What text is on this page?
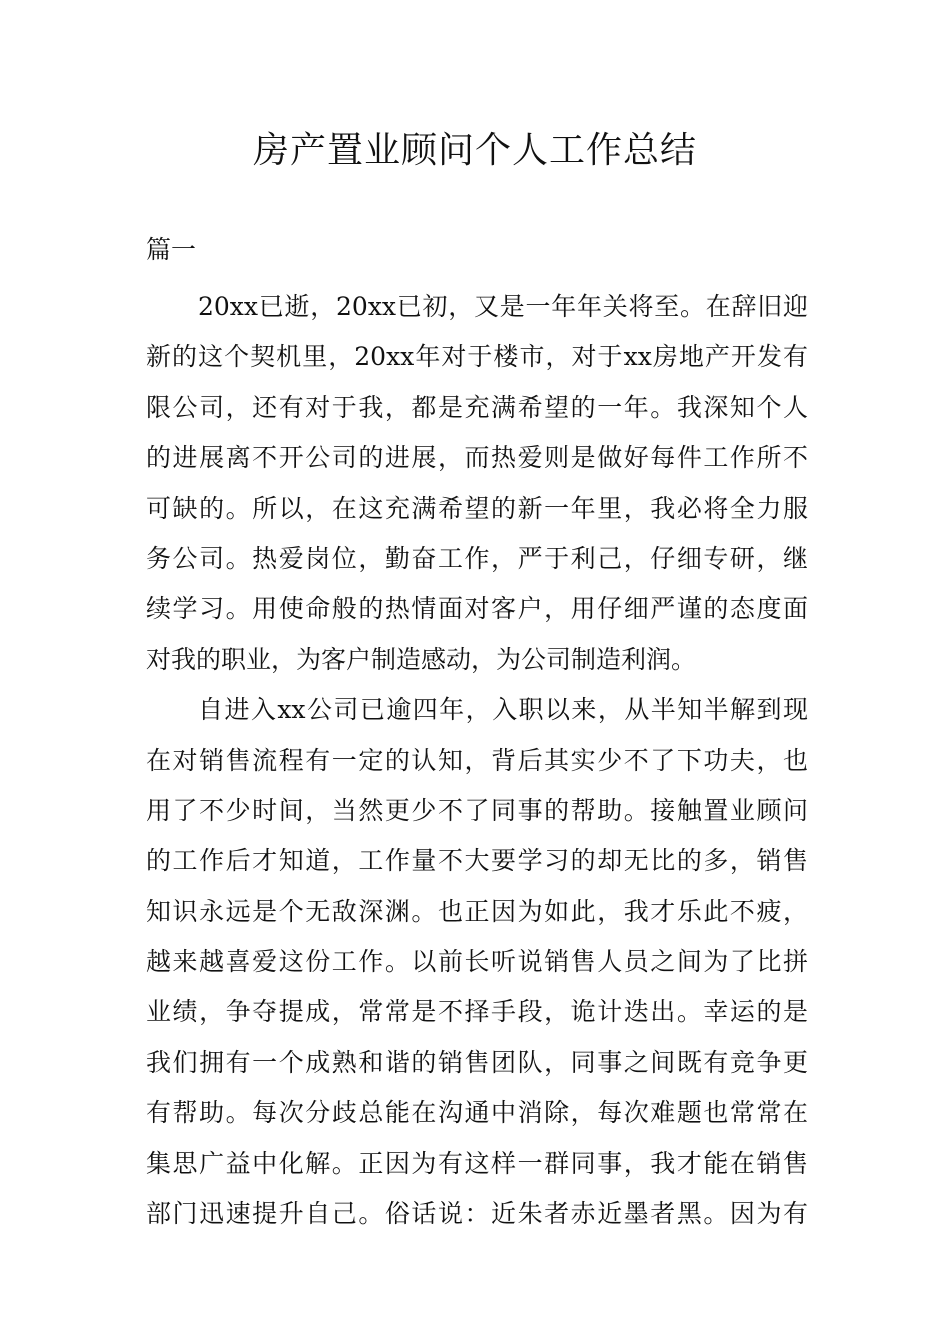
房产置业顾问个人工作总结

篇一

20xx已逝，20xx已初，又是一年年关将至。在辞旧迎
新的这个契机里，20xx年对于楼市，对于xx房地产开发有
限公司，还有对于我，都是充满希望的一年。我深知个人
的进展离不开公司的进展，而热爱则是做好每件工作所不
可缺的。所以，在这充满希望的新一年里，我必将全力服
务公司。热爱岗位，勤奋工作，严于利己，仔细专研，继
续学习。用使命般的热情面对客户，用仔细严谨的态度面
对我的职业，为客户制造感动，为公司制造利润。
自进入xx公司已逾四年，入职以来，从半知半解到现
在对销售流程有一定的认知，背后其实少不了下功夫，也
用了不少时间，当然更少不了同事的帮助。接触置业顾问
的工作后才知道，工作量不大要学习的却无比的多，销售
知识永远是个无敌深渊。也正因为如此，我才乐此不疲，
越来越喜爱这份工作。以前长听说销售人员之间为了比拼
业绩，争夺提成，常常是不择手段，诡计迭出。幸运的是
我们拥有一个成熟和谐的销售团队，同事之间既有竞争更
有帮助。每次分歧总能在沟通中消除，每次难题也常常在
集思广益中化解。正因为有这样一群同事，我才能在销售
部门迅速提升自己。俗话说：近朱者赤近墨者黑。因为有
